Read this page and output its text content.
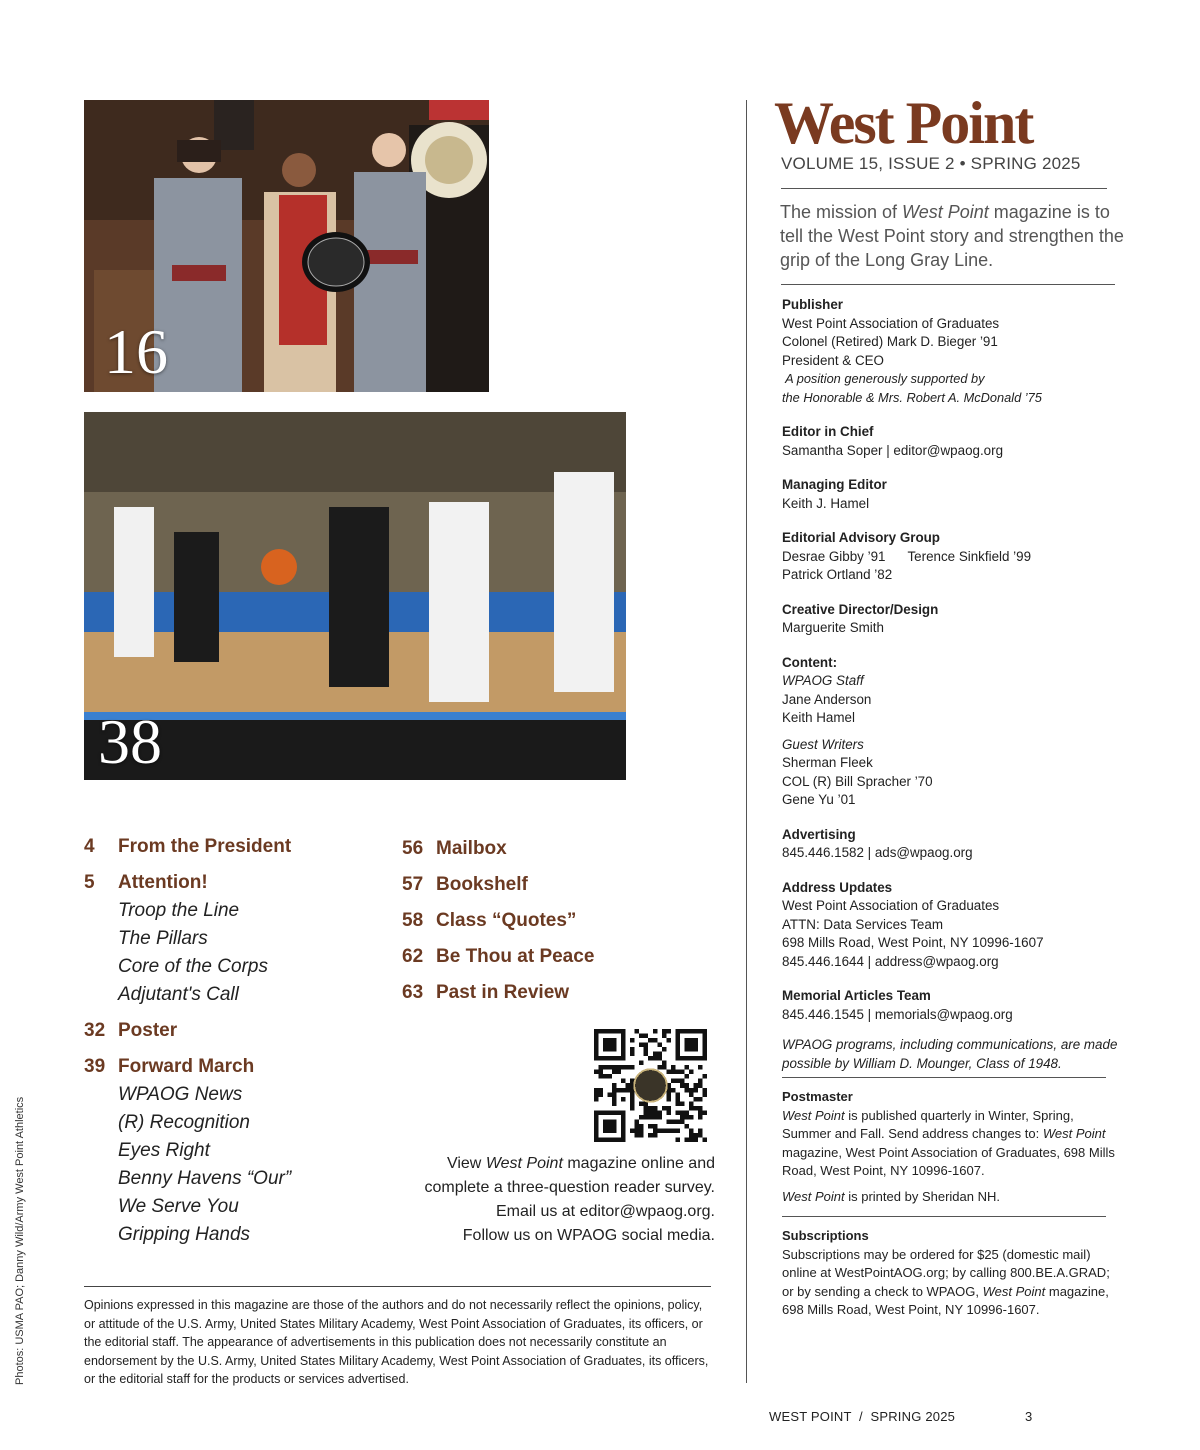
16
38
4	From the President
5	Attention!
Troop the Line
The Pillars
Core of the Corps
Adjutant's Call
32 Poster
39 Forward March
WPAOG News
(R) Recognition
Eyes Right
Benny Havens “Our”
We Serve You
Gripping Hands
56 Mailbox
57 Bookshelf
58 Class “Quotes”
62 Be Thou at Peace
63 Past in Review
View West Point magazine online and
complete a three-question reader survey.
Email us at editor@wpaog.org.
Follow us on WPAOG social media.
Opinions expressed in this magazine are those of the authors and do not necessarily reflect the opinions, policy, or attitude of the U.S. Army, United States Military Academy, West Point Association of Graduates, its officers, or the editorial staff. The appearance of advertisements in this publication does not necessarily constitute an endorsement by the U.S. Army, United States Military Academy, West Point Association of Graduates, its officers, or the editorial staff for the products or services advertised.
Photos: USMA PAO; Danny Wild/Army West Point Athletics
West Point
VOLUME 15, ISSUE 2 • SPRING 2025
The mission of West Point magazine is to tell the West Point story and strengthen the grip of the Long Gray Line.
Publisher
West Point Association of Graduates
Colonel (Retired) Mark D. Bieger ’91
President & CEO
A position generously supported by
the Honorable & Mrs. Robert A. McDonald ’75
Editor in Chief
Samantha Soper | editor@wpaog.org
Managing Editor
Keith J. Hamel
Editorial Advisory Group
Desrae Gibby ’91 Terence Sinkfield ’99
Patrick Ortland ’82
Creative Director/Design
Marguerite Smith
Content:
WPAOG Staff
Jane Anderson
Keith Hamel
Guest Writers
Sherman Fleek
COL (R) Bill Spracher ’70
Gene Yu ’01
Advertising
845.446.1582 | ads@wpaog.org
Address Updates
West Point Association of Graduates
ATTN: Data Services Team
698 Mills Road, West Point, NY 10996-1607
845.446.1644 | address@wpaog.org
Memorial Articles Team
845.446.1545 | memorials@wpaog.org
WPAOG programs, including communications, are made possible by William D. Mounger, Class of 1948.
Postmaster
West Point is published quarterly in Winter, Spring, Summer and Fall. Send address changes to: West Point magazine, West Point Association of Graduates, 698 Mills Road, West Point, NY 10996-1607.
West Point is printed by Sheridan NH.
Subscriptions
Subscriptions may be ordered for $25 (domestic mail) online at WestPointAOG.org; by calling 800.BE.A.GRAD; or by sending a check to WPAOG, West Point magazine, 698 Mills Road, West Point, NY 10996-1607.
WEST POINT  /  SPRING 2025	3
